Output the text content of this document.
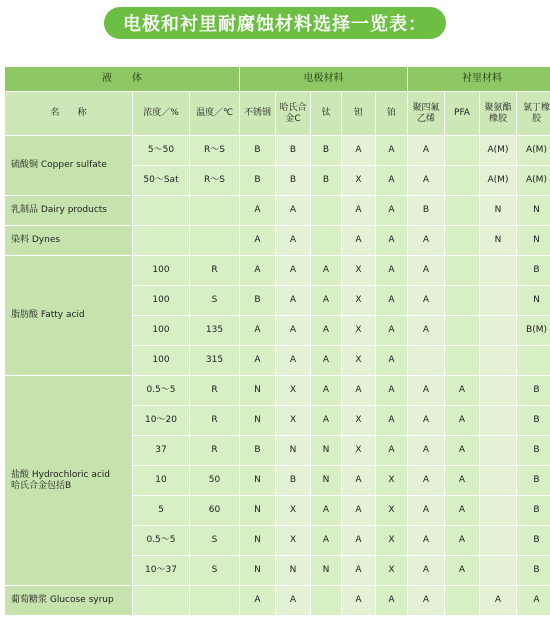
电极和衬里耐腐蚀材料选择一览表：
液　　体			电极材料					衬里材料			
名　　称	浓度／%	温度／℃	不锈钢	哈氏合金C	钛	钽	铂	聚四氟乙烯	PFA	聚氨酯橡胶	氯丁橡胶
硫酸铜 Copper sulfate	5～50	R～S	B	B	B	A	A	A		A(M)	A(M)
	50～Sat	R～S	B	B	B	X	A	A		A(M)	A(M)
乳制品 Dairy products			A	A		A	A	B		N	N
染料 Dynes			A	A		A	A	A		N	N
脂肪酸 Fatty acid	100	R	A	A	A	X	A	A			B
	100	S	B	A	A	X	A	A			N
	100	135	A	A	A	X	A	A			B(M)
	100	315	A	A	A	X	A				
盐酸 Hydrochloric acid
哈氏合金包括B	0.5～5	R	N	X	A	A	A	A	A		B
	10～20	R	N	X	A	X	A	A	A		B
	37	R	B	N	N	X	A	A	A		B
	10	50	N	B	N	A	X	A	A		B
	5	60	N	X	A	A	X	A	A		B
	0.5～5	S	N	X	A	A	X	A	A		B
	10～37	S	N	N	N	A	X	A	A		B
葡萄糖浆 Glucose syrup			A	A		A	A	A		A	A
